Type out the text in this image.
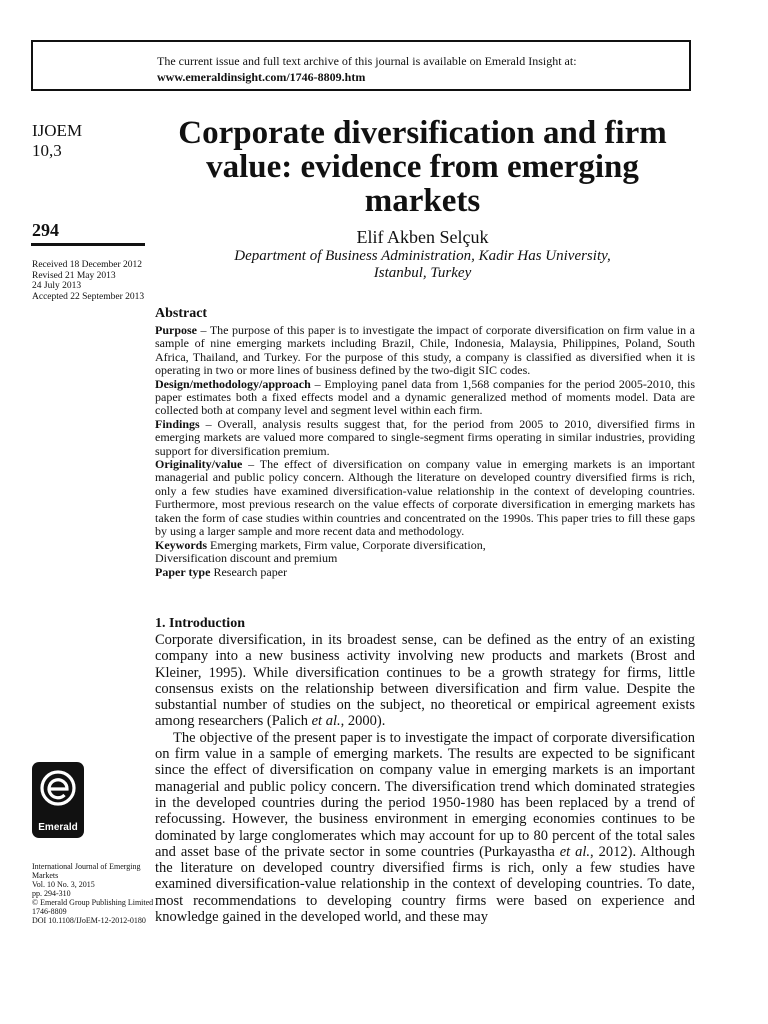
The current issue and full text archive of this journal is available on Emerald Insight at:
www.emeraldinsight.com/1746-8809.htm
IJOEM
10,3
294
Received 18 December 2012
Revised 21 May 2013
24 July 2013
Accepted 22 September 2013
Corporate diversification and firm value: evidence from emerging markets
Elif Akben Selçuk
Department of Business Administration, Kadir Has University,
Istanbul, Turkey
Abstract

Purpose – The purpose of this paper is to investigate the impact of corporate diversification on firm value in a sample of nine emerging markets including Brazil, Chile, Indonesia, Malaysia, Philippines, Poland, South Africa, Thailand, and Turkey. For the purpose of this study, a company is classified as diversified when it is operating in two or more lines of business defined by the two-digit SIC codes.

Design/methodology/approach – Employing panel data from 1,568 companies for the period 2005-2010, this paper estimates both a fixed effects model and a dynamic generalized method of moments model. Data are collected both at company level and segment level within each firm.

Findings – Overall, analysis results suggest that, for the period from 2005 to 2010, diversified firms in emerging markets are valued more compared to single-segment firms operating in similar industries, providing support for diversification premium.

Originality/value – The effect of diversification on company value in emerging markets is an important managerial and public policy concern. Although the literature on developed country diversified firms is rich, only a few studies have examined diversification-value relationship in the context of developing countries. Furthermore, most previous research on the value effects of corporate diversification in emerging markets has taken the form of case studies within countries and concentrated on the 1990s. This paper tries to fill these gaps by using a larger sample and more recent data and methodology.

Keywords Emerging markets, Firm value, Corporate diversification,
Diversification discount and premium

Paper type Research paper

1. Introduction

Corporate diversification, in its broadest sense, can be defined as the entry of an existing company into a new business activity involving new products and markets (Brost and Kleiner, 1995). While diversification continues to be a growth strategy for firms, little consensus exists on the relationship between diversification and firm value. Despite the substantial number of studies on the subject, no theoretical or empirical agreement exists among researchers (Palich et al., 2000).

The objective of the present paper is to investigate the impact of corporate diversification on firm value in a sample of emerging markets. The results are expected to be significant since the effect of diversification on company value in emerging markets is an important managerial and public policy concern. The diversification trend which dominated strategies in the developed countries during the period 1950-1980 has been replaced by a trend of refocussing. However, the business environment in emerging economies continues to be dominated by large conglomerates which may account for up to 80 percent of the total sales and asset base of the private sector in some countries (Purkayastha et al., 2012). Although the literature on developed country diversified firms is rich, only a few studies have examined diversification-value relationship in the context of developing countries. To date, most recommendations to developing country firms were based on experience and knowledge gained in the developed world, and these may

Emerald
International Journal of Emerging
Markets
Vol. 10 No. 3, 2015
pp. 294-310
© Emerald Group Publishing Limited
1746-8809
DOI 10.1108/IJoEM-12-2012-0180
